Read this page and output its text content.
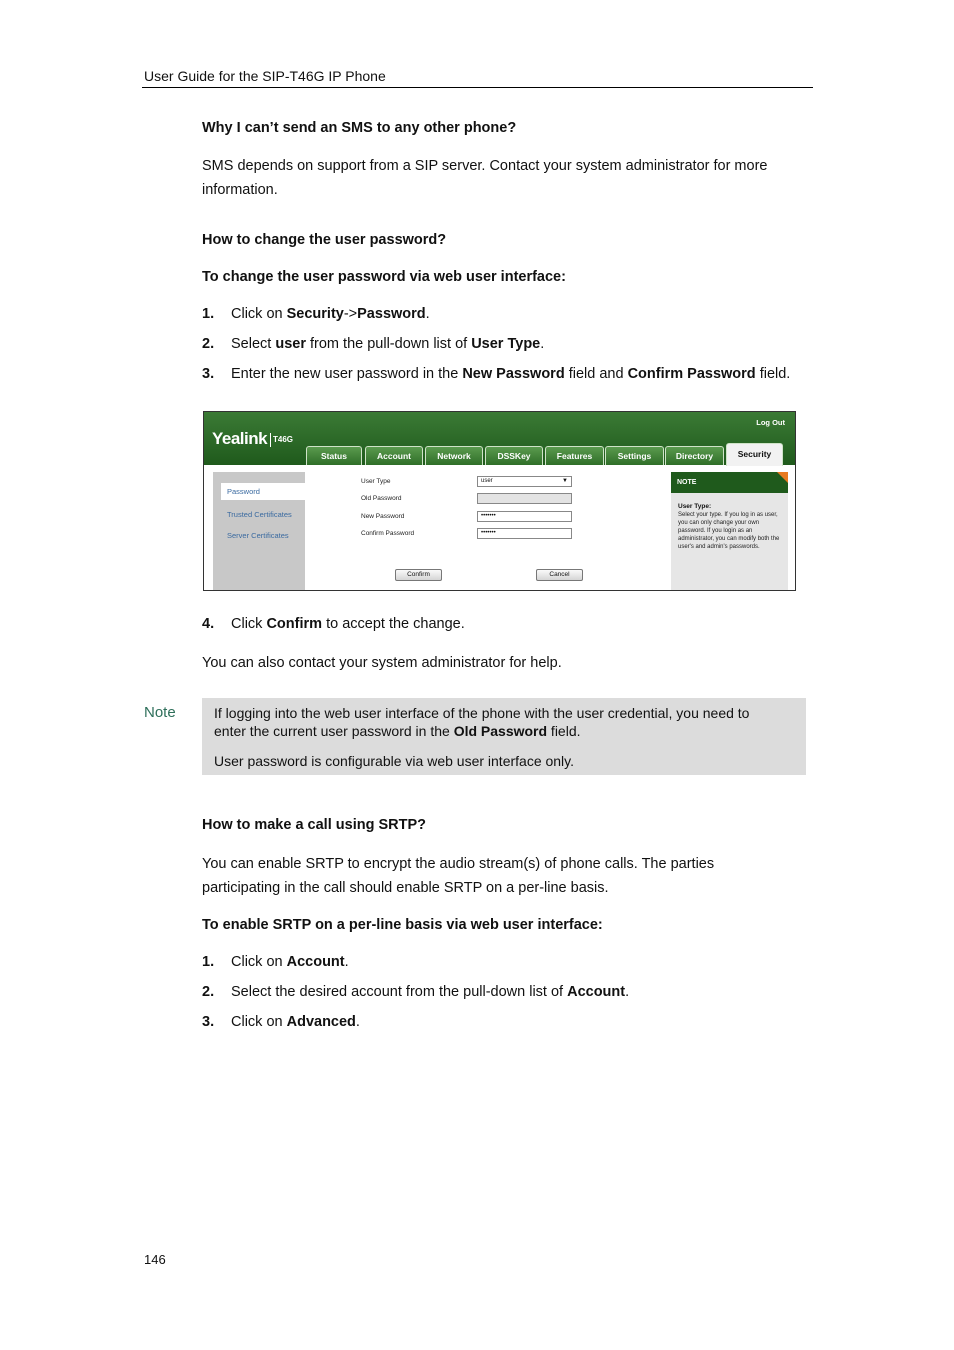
User Guide for the SIP-T46G IP Phone
Why I can’t send an SMS to any other phone?
SMS depends on support from a SIP server. Contact your system administrator for more
information.
How to change the user password?
To change the user password via web user interface:
1. Click on Security->Password.
2. Select user from the pull-down list of User Type.
3. Enter the new user password in the New Password field and Confirm Password field.
Yealink T46G
Log Out
Status	Account	Network	DSSKey	Features	Settings	Directory	Security
Password
Trusted Certificates
Server Certificates
User Type	user	▼
Old Password
New Password	•••••••
Confirm Password	•••••••
Confirm	Cancel
NOTE
User Type:
Select your type. If you log in as user, you can only change your own password. If you login as an administrator, you can modify both the user's and admin's passwords.
4. Click Confirm to accept the change.
You can also contact your system administrator for help.
Note	If logging into the web user interface of the phone with the user credential, you need to
enter the current user password in the Old Password field.
User password is configurable via web user interface only.
How to make a call using SRTP?
You can enable SRTP to encrypt the audio stream(s) of phone calls. The parties
participating in the call should enable SRTP on a per-line basis.
To enable SRTP on a per-line basis via web user interface:
1. Click on Account.
2. Select the desired account from the pull-down list of Account.
3. Click on Advanced.
146
